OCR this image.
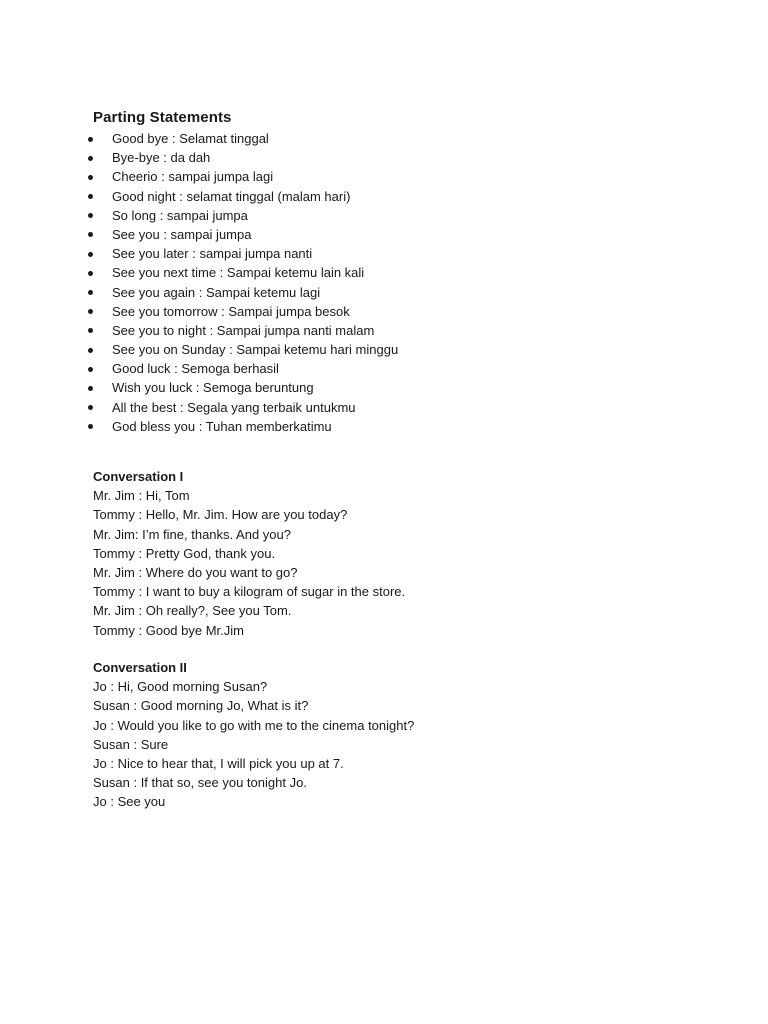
Parting Statements
Good bye : Selamat tinggal
Bye-bye : da dah
Cheerio : sampai jumpa lagi
Good night : selamat tinggal (malam hari)
So long : sampai jumpa
See you : sampai jumpa
See you later : sampai jumpa nanti
See you next time : Sampai ketemu lain kali
See you again : Sampai ketemu lagi
See you tomorrow : Sampai jumpa besok
See you to night : Sampai jumpa nanti malam
See you on Sunday : Sampai ketemu hari minggu
Good luck : Semoga berhasil
Wish you luck : Semoga beruntung
All the best : Segala yang terbaik untukmu
God bless you : Tuhan memberkatimu
Conversation I
Mr. Jim : Hi, Tom
Tommy : Hello, Mr. Jim. How are you today?
Mr. Jim: I’m fine, thanks. And you?
Tommy : Pretty God, thank you.
Mr. Jim : Where do you want to go?
Tommy : I want to buy a kilogram of sugar in the store.
Mr. Jim : Oh really?, See you Tom.
Tommy : Good bye Mr.Jim
Conversation II
Jo : Hi, Good morning Susan?
Susan : Good morning Jo, What is it?
Jo : Would you like to go with me to the cinema tonight?
Susan : Sure
Jo : Nice to hear that, I will pick you up at 7.
Susan : If that so, see you tonight Jo.
Jo : See you
